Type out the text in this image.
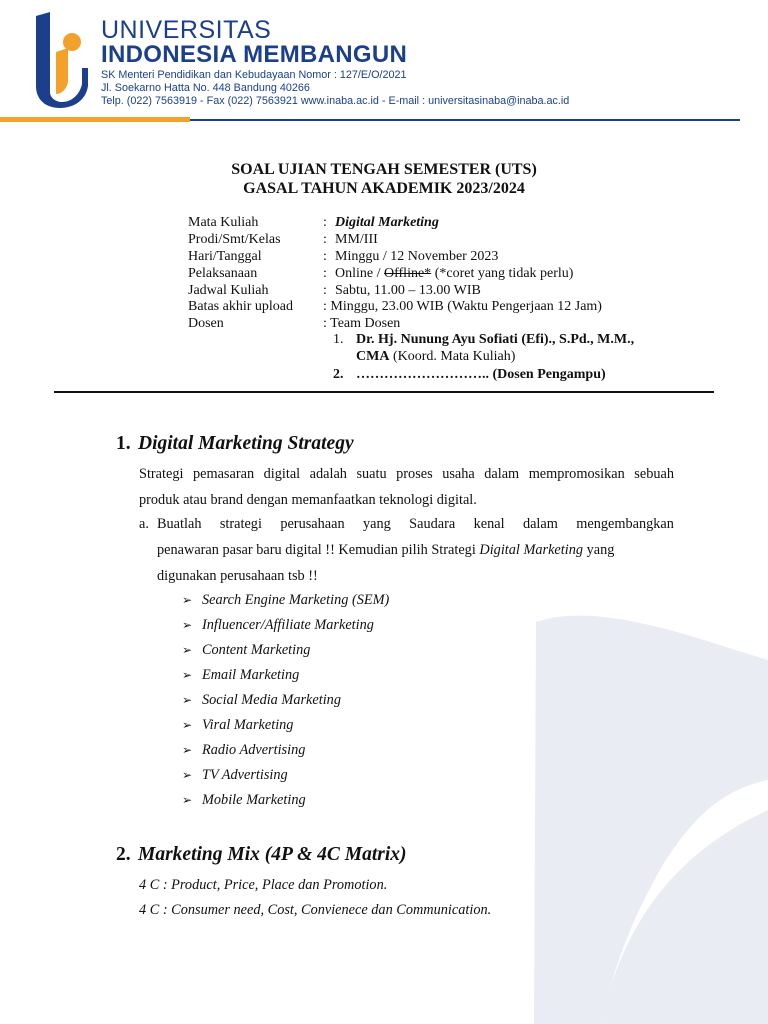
UNIVERSITAS
INDONESIA MEMBANGUN
SK Menteri Pendidikan dan Kebudayaan Nomor : 127/E/O/2021
Jl. Soekarno Hatta No. 448 Bandung 40266
Telp. (022) 7563919 - Fax (022) 7563921 www.inaba.ac.id - E-mail : universitasinaba@inaba.ac.id
SOAL UJIAN TENGAH SEMESTER (UTS)
GASAL TAHUN AKADEMIK 2023/2024
Mata Kuliah	: Digital Marketing
Prodi/Smt/Kelas	: MM/III
Hari/Tanggal	: Minggu / 12 November 2023
Pelaksanaan	: Online / Offline* (*coret yang tidak perlu)
Jadwal Kuliah	: Sabtu, 11.00 – 13.00 WIB
Batas akhir upload : Minggu, 23.00 WIB (Waktu Pengerjaan 12 Jam)
Dosen	: Team Dosen
1. Dr. Hj. Nunung Ayu Sofiati (Efi)., S.Pd., M.M.,
CMA (Koord. Mata Kuliah)
2. ……………………….. (Dosen Pengampu)
1. Digital Marketing Strategy
Strategi pemasaran digital adalah suatu proses usaha dalam mempromosikan sebuah
produk atau brand dengan memanfaatkan teknologi digital.
a. Buatlah strategi perusahaan yang Saudara kenal dalam mengembangkan
penawaran pasar baru digital !! Kemudian pilih Strategi Digital Marketing yang
digunakan perusahaan tsb !!
➢ Search Engine Marketing (SEM)
➢ Influencer/Affiliate Marketing
➢ Content Marketing
➢ Email Marketing
➢ Social Media Marketing
➢ Viral Marketing
➢ Radio Advertising
➢ TV Advertising
➢ Mobile Marketing
2. Marketing Mix (4P & 4C Matrix)
4 C : Product, Price, Place dan Promotion.
4 C : Consumer need, Cost, Convienece dan Communication.
